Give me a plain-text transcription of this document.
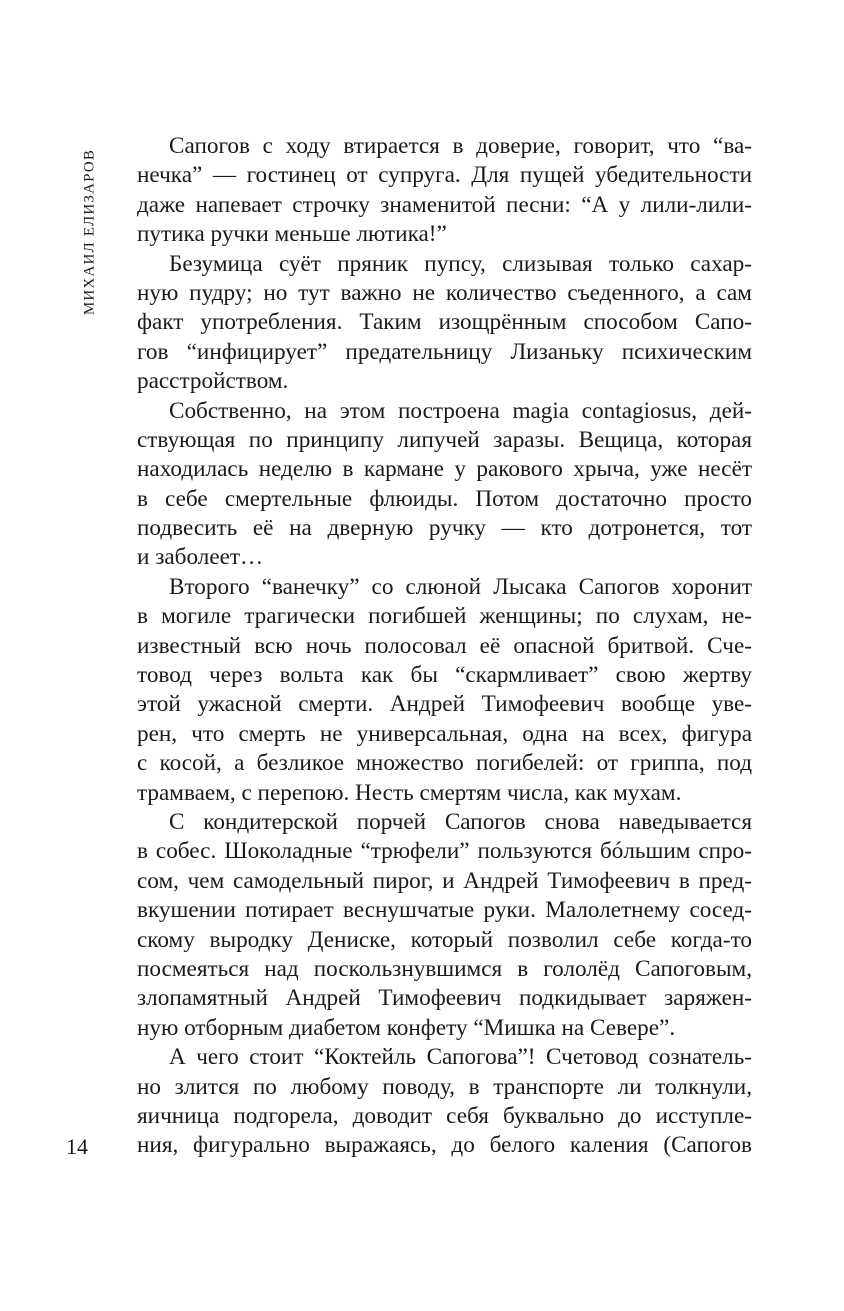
МИХАИЛ ЕЛИЗАРОВ
14
Сапогов с ходу втирается в доверие, говорит, что “ва-
нечка” — гостинец от супруга. Для пущей убедительности
даже напевает строчку знаменитой песни: “А у лили-лили-
путика ручки меньше лютика!”
Безумица суёт пряник пупсу, слизывая только сахар-
ную пудру; но тут важно не количество съеденного, а сам
факт употребления. Таким изощрённым способом Сапо-
гов “инфицирует” предательницу Лизаньку психическим
расстройством.
Собственно, на этом построена magia contagiosus, дей-
ствующая по принципу липучей заразы. Вещица, которая
находилась неделю в кармане у ракового хрыча, уже несёт
в себе смертельные флюиды. Потом достаточно просто
подвесить её на дверную ручку — кто дотронется, тот
и заболеет…
Второго “ванечку” со слюной Лысака Сапогов хоронит
в могиле трагически погибшей женщины; по слухам, не-
известный всю ночь полосовал её опасной бритвой. Сче-
товод через вольта как бы “скармливает” свою жертву
этой ужасной смерти. Андрей Тимофеевич вообще уве-
рен, что смерть не универсальная, одна на всех, фигура
с косой, а безликое множество погибелей: от гриппа, под
трамваем, с перепою. Несть смертям числа, как мухам.
С кондитерской порчей Сапогов снова наведывается
в собес. Шоколадные “трюфели” пользуются бóльшим спро-
сом, чем самодельный пирог, и Андрей Тимофеевич в пред-
вкушении потирает веснушчатые руки. Малолетнему сосед-
скому выродку Дениске, который позволил себе когда-то
посмеяться над поскользнувшимся в гололёд Сапоговым,
злопамятный Андрей Тимофеевич подкидывает заряжен-
ную отборным диабетом конфету “Мишка на Севере”.
А чего стоит “Коктейль Сапогова”! Счетовод сознатель-
но злится по любому поводу, в транспорте ли толкнули,
яичница подгорела, доводит себя буквально до исступле-
ния, фигурально выражаясь, до белого каления (Сапогов
